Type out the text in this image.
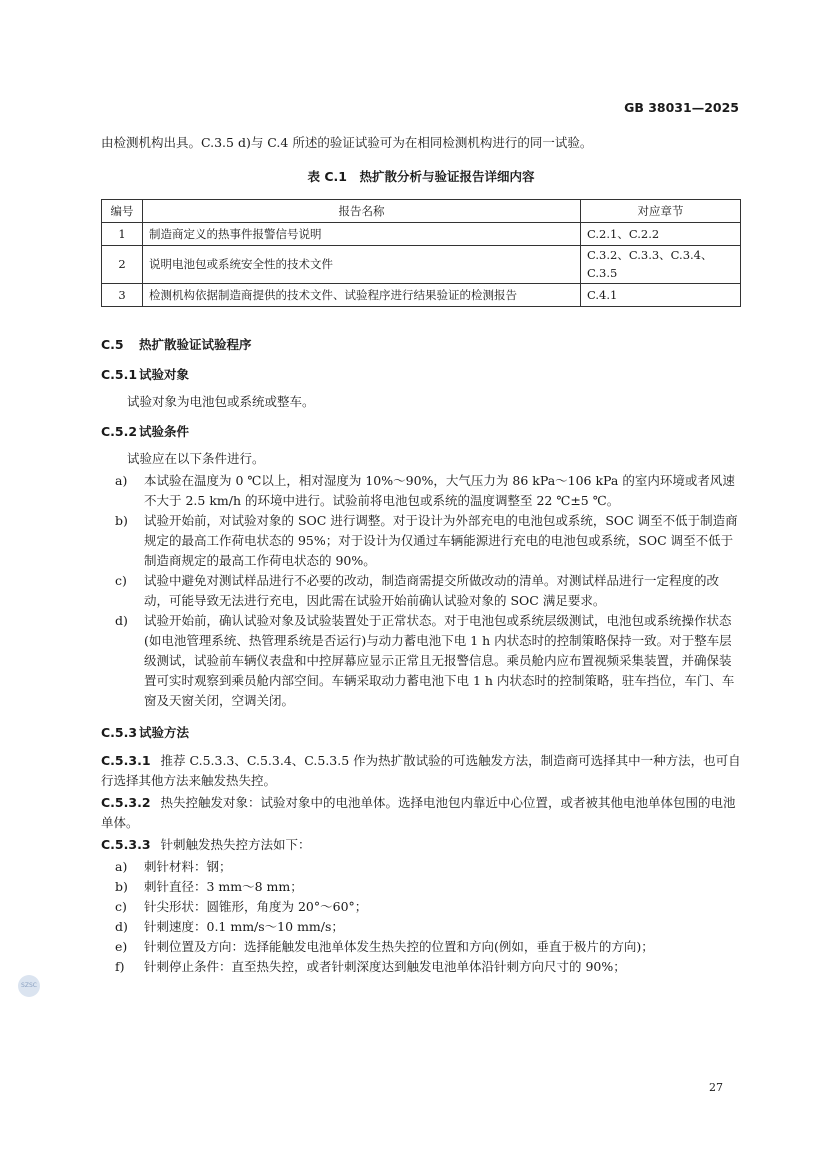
GB 38031—2025

由检测机构出具。C.3.5 d)与 C.4 所述的验证试验可为在相同检测机构进行的同一试验。

表 C.1　热扩散分析与验证报告详细内容
编号	报告名称	对应章节
1	制造商定义的热事件报警信号说明	C.2.1、C.2.2
2	说明电池包或系统安全性的技术文件	C.3.2、C.3.3、C.3.4、C.3.5
3	检测机构依据制造商提供的技术文件、试验程序进行结果验证的检测报告	C.4.1
C.5 热扩散验证试验程序
C.5.1 试验对象

试验对象为电池包或系统或整车。

C.5.2 试验条件

试验应在以下条件进行。

a)	本试验在温度为 0 ℃以上，相对湿度为 10%～90%，大气压力为 86 kPa～106 kPa 的室内环境或者风速不大于 2.5 km/h 的环境中进行。试验前将电池包或系统的温度调整至 22 ℃±5 ℃。
b)	试验开始前，对试验对象的 SOC 进行调整。对于设计为外部充电的电池包或系统，SOC 调至不低于制造商规定的最高工作荷电状态的 95%；对于设计为仅通过车辆能源进行充电的电池包或系统，SOC 调至不低于制造商规定的最高工作荷电状态的 90%。
c)	试验中避免对测试样品进行不必要的改动，制造商需提交所做改动的清单。对测试样品进行一定程度的改动，可能导致无法进行充电，因此需在试验开始前确认试验对象的 SOC 满足要求。
d)	试验开始前，确认试验对象及试验装置处于正常状态。对于电池包或系统层级测试，电池包或系统操作状态(如电池管理系统、热管理系统是否运行)与动力蓄电池下电 1 h 内状态时的控制策略保持一致。对于整车层级测试，试验前车辆仪表盘和中控屏幕应显示正常且无报警信息。乘员舱内应布置视频采集装置，并确保装置可实时观察到乘员舱内部空间。车辆采取动力蓄电池下电 1 h 内状态时的控制策略，驻车挡位，车门、车窗及天窗关闭，空调关闭。
C.5.3 试验方法

C.5.3.1 推荐 C.5.3.3、C.5.3.4、C.5.3.5 作为热扩散试验的可选触发方法，制造商可选择其中一种方法，也可自行选择其他方法来触发热失控。

C.5.3.2 热失控触发对象：试验对象中的电池单体。选择电池包内靠近中心位置，或者被其他电池单体包围的电池单体。

C.5.3.3 针刺触发热失控方法如下：

a)	刺针材料：钢；
b)	刺针直径：3 mm～8 mm；
c)	针尖形状：圆锥形，角度为 20°～60°；
d)	针刺速度：0.1 mm/s～10 mm/s；
e)	针刺位置及方向：选择能触发电池单体发生热失控的位置和方向(例如，垂直于极片的方向)；
f)	针刺停止条件：直至热失控，或者针刺深度达到触发电池单体沿针刺方向尺寸的 90%；
SZSC
27
